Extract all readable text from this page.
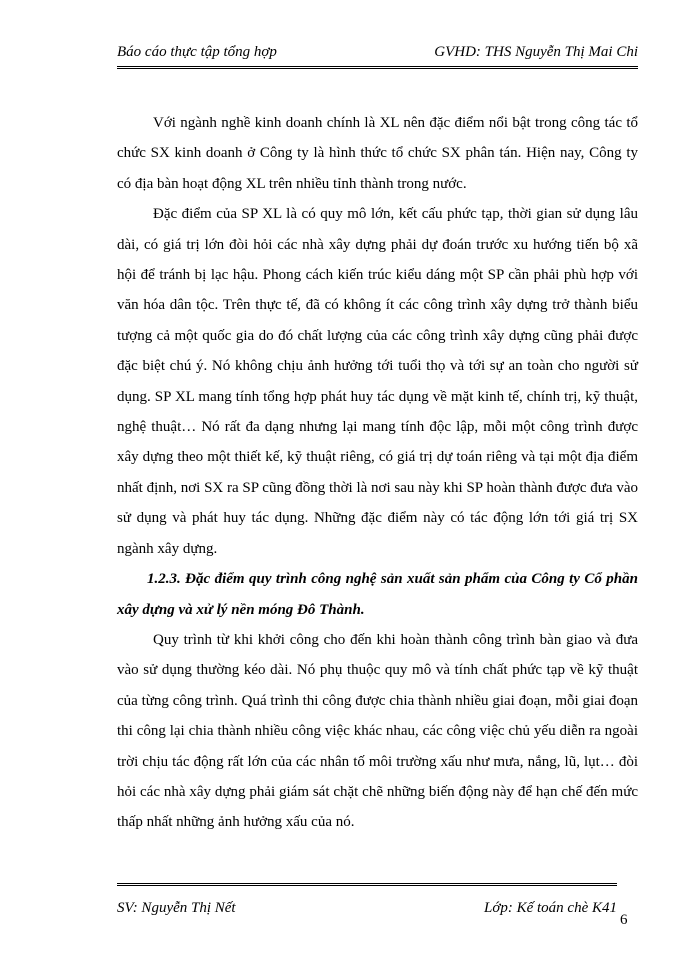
Báo cáo thực tập tổng hợp	GVHD: THS Nguyễn Thị Mai Chi

Với ngành nghề kinh doanh chính là XL nên đặc điểm nổi bật trong công tác tổ chức SX kinh doanh ở Công ty là hình thức tổ chức SX phân tán. Hiện nay, Công ty có địa bàn hoạt động XL trên nhiều tỉnh thành trong nước.

Đặc điểm của SP XL là có quy mô lớn, kết cấu phức tạp, thời gian sử dụng lâu dài, có giá trị lớn đòi hỏi các nhà xây dựng phải dự đoán trước xu hướng tiến bộ xã hội để tránh bị lạc hậu. Phong cách kiến trúc kiểu dáng một SP cần phải phù hợp với văn hóa dân tộc. Trên thực tế, đã có không ít các công trình xây dựng trở thành biểu tượng cả một quốc gia do đó chất lượng của các công trình xây dựng cũng phải được đặc biệt chú ý. Nó không chịu ảnh hưởng tới tuổi thọ và tới sự an toàn cho người sử dụng. SP XL mang tính tổng hợp phát huy tác dụng về mặt kinh tế, chính trị, kỹ thuật, nghệ thuật… Nó rất đa dạng nhưng lại mang tính độc lập, mỗi một công trình được xây dựng theo một thiết kế, kỹ thuật riêng, có giá trị dự toán riêng và tại một địa điểm nhất định, nơi SX ra SP cũng đồng thời là nơi sau này khi SP hoàn thành được đưa vào sử dụng và phát huy tác dụng. Những đặc điểm này có tác động lớn tới giá trị SX ngành xây dựng.

1.2.3. Đặc điểm quy trình công nghệ sản xuất sản phẩm của Công ty Cổ phần xây dựng và xử lý nền móng Đô Thành.

Quy trình từ khi khởi công cho đến khi hoàn thành công trình bàn giao và đưa vào sử dụng thường kéo dài. Nó phụ thuộc quy mô và tính chất phức tạp về kỹ thuật của từng công trình. Quá trình thi công được chia thành nhiều giai đoạn, mỗi giai đoạn thi công lại chia thành nhiều công việc khác nhau, các công việc chủ yếu diễn ra ngoài trời chịu tác động rất lớn của các nhân tố môi trường xấu như mưa, nắng, lũ, lụt… đòi hỏi các nhà xây dựng phải giám sát chặt chẽ những biến động này để hạn chế đến mức thấp nhất những ảnh hưởng xấu của nó.

SV: Nguyễn Thị Nết	Lớp: Kế toán chè K41
6
